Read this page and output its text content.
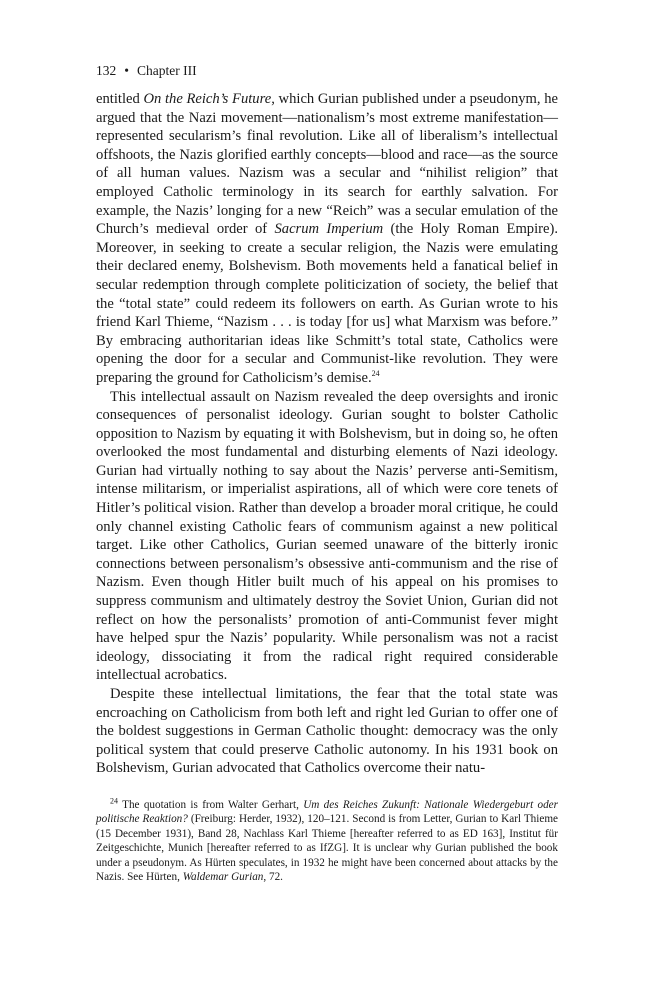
132 • Chapter III

entitled On the Reich’s Future, which Gurian published under a pseudonym, he argued that the Nazi movement—nationalism’s most extreme manifestation—represented secularism’s final revolution. Like all of liberalism’s intellectual offshoots, the Nazis glorified earthly concepts—blood and race—as the source of all human values. Nazism was a secular and “nihilist religion” that employed Catholic terminology in its search for earthly salvation. For example, the Nazis’ longing for a new “Reich” was a secular emulation of the Church’s medieval order of Sacrum Imperium (the Holy Roman Empire). Moreover, in seeking to create a secular religion, the Nazis were emulating their declared enemy, Bolshevism. Both movements held a fanatical belief in secular redemption through complete politicization of society, the belief that the “total state” could redeem its followers on earth. As Gurian wrote to his friend Karl Thieme, “Nazism . . . is today [for us] what Marxism was before.” By embracing authoritarian ideas like Schmitt’s total state, Catholics were opening the door for a secular and Communist-like revolution. They were preparing the ground for Catholicism’s demise.$^{24}$

This intellectual assault on Nazism revealed the deep oversights and ironic consequences of personalist ideology. Gurian sought to bolster Catholic opposition to Nazism by equating it with Bolshevism, but in doing so, he often overlooked the most fundamental and disturbing elements of Nazi ideology. Gurian had virtually nothing to say about the Nazis’ perverse anti-Semitism, intense militarism, or imperialist aspirations, all of which were core tenets of Hitler’s political vision. Rather than develop a broader moral critique, he could only channel existing Catholic fears of communism against a new political target. Like other Catholics, Gurian seemed unaware of the bitterly ironic connections between personalism’s obsessive anti-communism and the rise of Nazism. Even though Hitler built much of his appeal on his promises to suppress communism and ultimately destroy the Soviet Union, Gurian did not reflect on how the personalists’ promotion of anti-Communist fever might have helped spur the Nazis’ popularity. While personalism was not a racist ideology, dissociating it from the radical right required considerable intellectual acrobatics.

Despite these intellectual limitations, the fear that the total state was encroaching on Catholicism from both left and right led Gurian to offer one of the boldest suggestions in German Catholic thought: democracy was the only political system that could preserve Catholic autonomy. In his 1931 book on Bolshevism, Gurian advocated that Catholics overcome their natu-

$^{24}$ The quotation is from Walter Gerhart, Um des Reiches Zukunft: Nationale Wiedergeburt oder politische Reaktion? (Freiburg: Herder, 1932), 120–121. Second is from Letter, Gurian to Karl Thieme (15 December 1931), Band 28, Nachlass Karl Thieme [hereafter referred to as ED 163], Institut für Zeitgeschichte, Munich [hereafter referred to as IfZG]. It is unclear why Gurian published the book under a pseudonym. As Hürten speculates, in 1932 he might have been concerned about attacks by the Nazis. See Hürten, Waldemar Gurian, 72.
